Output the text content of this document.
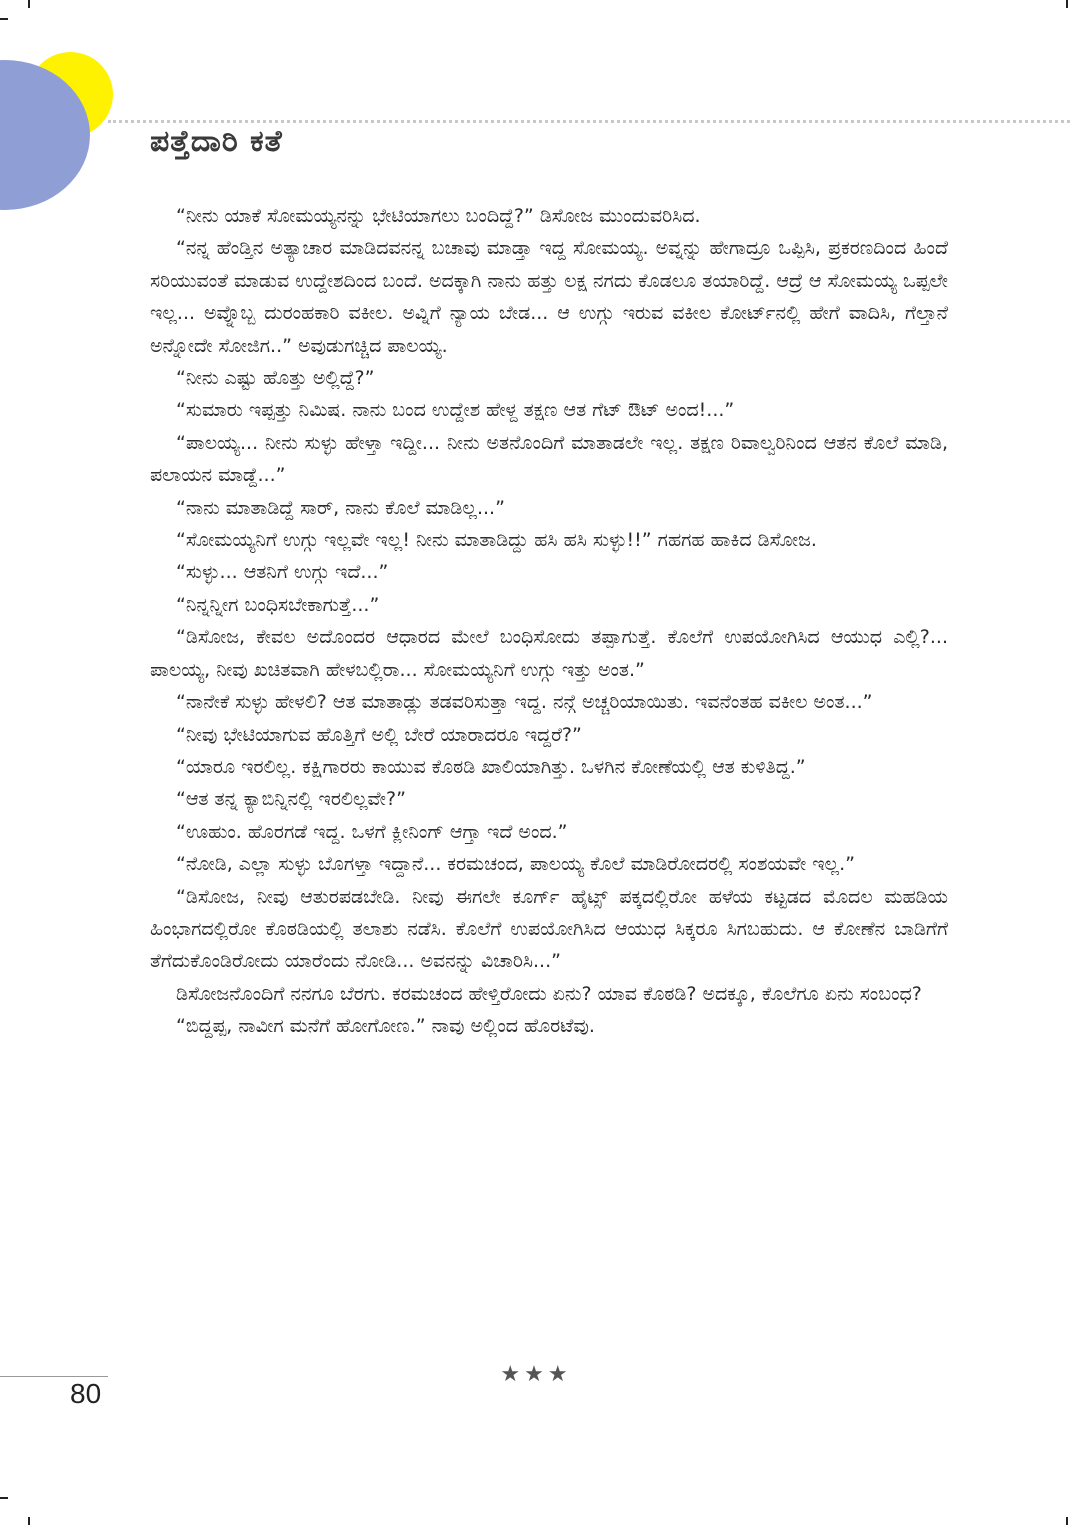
ಪತ್ತೆದಾರಿ ಕತೆ

“ನೀನು ಯಾಕೆ ಸೋಮಯ್ಯನನ್ನು ಭೇಟಿಯಾಗಲು ಬಂದಿದ್ದೆ?” ಡಿಸೋಜ ಮುಂದುವರಿಸಿದ.

“ನನ್ನ ಹೆಂಡ್ತಿನ ಅತ್ಯಾಚಾರ ಮಾಡಿದವನನ್ನ ಬಚಾವು ಮಾಡ್ತಾ ಇದ್ದ ಸೋಮಯ್ಯ. ಅವ್ನನ್ನು ಹೇಗಾದ್ರೂ ಒಪ್ಪಿಸಿ, ಪ್ರಕರಣದಿಂದ ಹಿಂದೆ ಸರಿಯುವಂತೆ ಮಾಡುವ ಉದ್ದೇಶದಿಂದ ಬಂದೆ. ಅದಕ್ಕಾಗಿ ನಾನು ಹತ್ತು ಲಕ್ಷ ನಗದು ಕೊಡಲೂ ತಯಾರಿದ್ದೆ. ಆದ್ರೆ ಆ ಸೋಮಯ್ಯ ಒಪ್ಪಲೇ ಇಲ್ಲ... ಅವ್ನೊಬ್ಬ ದುರಂಹಕಾರಿ ವಕೀಲ. ಅವ್ನಿಗೆ ನ್ಯಾಯ ಬೇಡ... ಆ ಉಗ್ಗು ಇರುವ ವಕೀಲ ಕೋರ್ಟ್‌ನಲ್ಲಿ ಹೇಗೆ ವಾದಿಸಿ, ಗೆಲ್ತಾನೆ ಅನ್ನೋದೇ ಸೋಜಿಗ..” ಅವುಡುಗಚ್ಚಿದ ಪಾಲಯ್ಯ.

“ನೀನು ಎಷ್ಟು ಹೊತ್ತು ಅಲ್ಲಿದ್ದೆ?”

“ಸುಮಾರು ಇಪ್ಪತ್ತು ನಿಮಿಷ. ನಾನು ಬಂದ ಉದ್ದೇಶ ಹೇಳ್ದ ತಕ್ಷಣ ಆತ ಗೆಟ್ ಔಟ್ ಅಂದ!...”

“ಪಾಲಯ್ಯ... ನೀನು ಸುಳ್ಳು ಹೇಳ್ತಾ ಇದ್ದೀ... ನೀನು ಅತನೊಂದಿಗೆ ಮಾತಾಡಲೇ ಇಲ್ಲ. ತಕ್ಷಣ ರಿವಾಲ್ವರಿನಿಂದ ಆತನ ಕೊಲೆ ಮಾಡಿ, ಪಲಾಯನ ಮಾಡ್ದೆ...”

“ನಾನು ಮಾತಾಡಿದ್ದೆ ಸಾರ್, ನಾನು ಕೊಲೆ ಮಾಡಿಲ್ಲ...”

“ಸೋಮಯ್ಯನಿಗೆ ಉಗ್ಗು ಇಲ್ಲವೇ ಇಲ್ಲ! ನೀನು ಮಾತಾಡಿದ್ದು ಹಸಿ ಹಸಿ ಸುಳ್ಳು!!” ಗಹಗಹ ಹಾಕಿದ ಡಿಸೋಜ.

“ಸುಳ್ಳು... ಆತನಿಗೆ ಉಗ್ಗು ಇದೆ...”

“ನಿನ್ನನ್ನೀಗ ಬಂಧಿಸಬೇಕಾಗುತ್ತೆ...”

“ಡಿಸೋಜ, ಕೇವಲ ಅದೊಂದರ ಆಧಾರದ ಮೇಲೆ ಬಂಧಿಸೋದು ತಪ್ಪಾಗುತ್ತೆ. ಕೊಲೆಗೆ ಉಪಯೋಗಿಸಿದ ಆಯುಧ ಎಲ್ಲಿ?... ಪಾಲಯ್ಯ, ನೀವು ಖಚಿತವಾಗಿ ಹೇಳಬಲ್ಲಿರಾ... ಸೋಮಯ್ಯನಿಗೆ ಉಗ್ಗು ಇತ್ತು ಅಂತ.”

“ನಾನೇಕೆ ಸುಳ್ಳು ಹೇಳಲಿ? ಆತ ಮಾತಾಡ್ಲು ತಡವರಿಸುತ್ತಾ ಇದ್ದ. ನನ್ಗೆ ಅಚ್ಚರಿಯಾಯಿತು. ಇವನೆಂತಹ ವಕೀಲ ಅಂತ...”

“ನೀವು ಭೇಟಿಯಾಗುವ ಹೊತ್ತಿಗೆ ಅಲ್ಲಿ ಬೇರೆ ಯಾರಾದರೂ ಇದ್ದರೆ?”

“ಯಾರೂ ಇರಲಿಲ್ಲ. ಕಕ್ಷಿಗಾರರು ಕಾಯುವ ಕೊಠಡಿ ಖಾಲಿಯಾಗಿತ್ತು. ಒಳಗಿನ ಕೋಣೆಯಲ್ಲಿ ಆತ ಕುಳಿತಿದ್ದ.”

“ಆತ ತನ್ನ ಕ್ಯಾಬಿನ್ನಿನಲ್ಲಿ ಇರಲಿಲ್ಲವೇ?”

“ಊಹುಂ. ಹೊರಗಡೆ ಇದ್ದ. ಒಳಗೆ ಕ್ಲೀನಿಂಗ್ ಆಗ್ತಾ ಇದೆ ಅಂದ.”

“ನೋಡಿ, ಎಲ್ಲಾ ಸುಳ್ಳು ಬೊಗಳ್ತಾ ಇದ್ದಾನೆ... ಕರಮಚಂದ, ಪಾಲಯ್ಯ ಕೊಲೆ ಮಾಡಿರೋದರಲ್ಲಿ ಸಂಶಯವೇ ಇಲ್ಲ.”

“ಡಿಸೋಜ, ನೀವು ಆತುರಪಡಬೇಡಿ. ನೀವು ಈಗಲೇ ಕೂರ್ಗ್ ಹೈಟ್ಸ್ ಪಕ್ಕದಲ್ಲಿರೋ ಹಳೆಯ ಕಟ್ಟಡದ ಮೊದಲ ಮಹಡಿಯ ಹಿಂಭಾಗದಲ್ಲಿರೋ ಕೊಠಡಿಯಲ್ಲಿ ತಲಾಶು ನಡೆಸಿ. ಕೊಲೆಗೆ ಉಪಯೋಗಿಸಿದ ಆಯುಧ ಸಿಕ್ಕರೂ ಸಿಗಬಹುದು. ಆ ಕೋಣೆನ ಬಾಡಿಗೆಗೆ ತೆಗೆದುಕೊಂಡಿರೋದು ಯಾರೆಂದು ನೋಡಿ... ಅವನನ್ನು ವಿಚಾರಿಸಿ...”

ಡಿಸೋಜನೊಂದಿಗೆ ನನಗೂ ಬೆರಗು. ಕರಮಚಂದ ಹೇಳ್ತಿರೋದು ಏನು? ಯಾವ ಕೊಠಡಿ? ಅದಕ್ಕೂ, ಕೊಲೆಗೂ ಏನು ಸಂಬಂಧ?

“ಬಿದ್ದಪ್ಪ, ನಾವೀಗ ಮನೆಗೆ ಹೋಗೋಣ.” ನಾವು ಅಲ್ಲಿಂದ ಹೊರಟೆವು.

★★★
80
